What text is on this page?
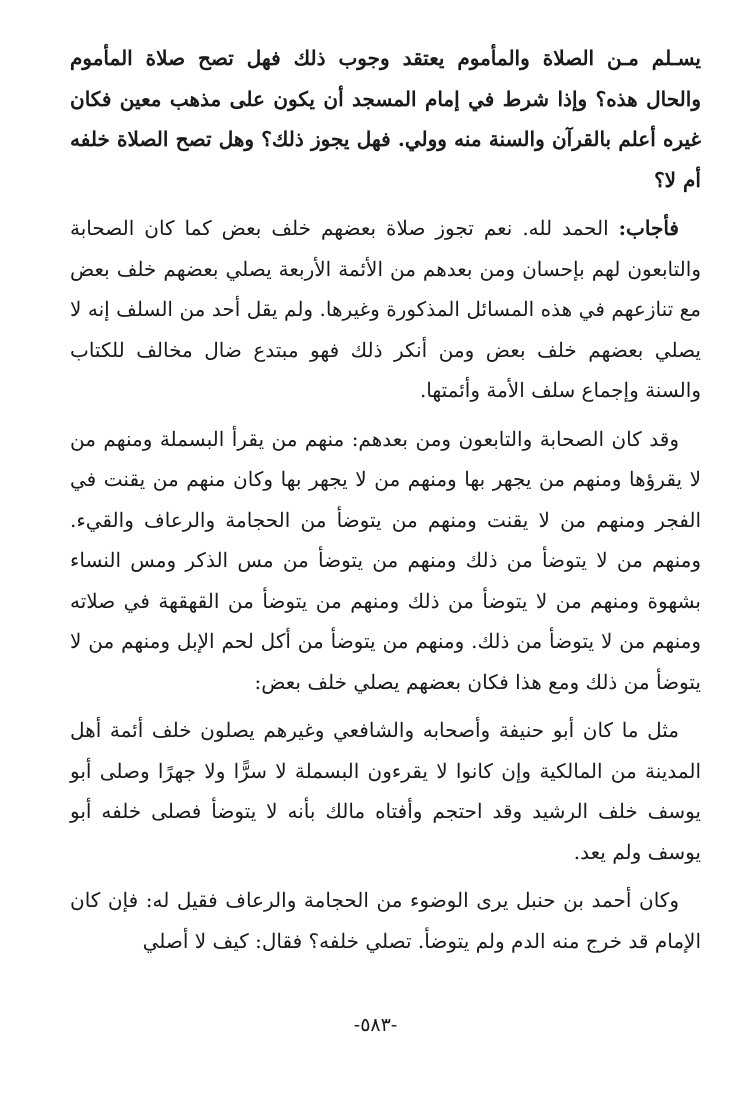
يسـلم مـن الصلاة والمأموم يعتقد وجوب ذلك فهل تصح صلاة المأموم والحال هذه؟ وإذا شرط في إمام المسجد أن يكون على مذهب معين فكان غيره أعلم بالقرآن والسنة منه وولي. فهل يجوز ذلك؟ وهل تصح الصلاة خلفه أم لا؟

فأجاب: الحمد لله. نعم تجوز صلاة بعضهم خلف بعض كما كان الصحابة والتابعون لهم بإحسان ومن بعدهم من الأئمة الأربعة يصلي بعضهم خلف بعض مع تنازعهم في هذه المسائل المذكورة وغيرها. ولم يقل أحد من السلف إنه لا يصلي بعضهم خلف بعض ومن أنكر ذلك فهو مبتدع ضال مخالف للكتاب والسنة وإجماع سلف الأمة وأئمتها.

وقد كان الصحابة والتابعون ومن بعدهم: منهم من يقرأ البسملة ومنهم من لا يقرؤها ومنهم من يجهر بها ومنهم من لا يجهر بها وكان منهم من يقنت في الفجر ومنهم من لا يقنت ومنهم من يتوضأ من الحجامة والرعاف والقيء. ومنهم من لا يتوضأ من ذلك ومنهم من يتوضأ من مس الذكر ومس النساء بشهوة ومنهم من لا يتوضأ من ذلك ومنهم من يتوضأ من القهقهة في صلاته ومنهم من لا يتوضأ من ذلك. ومنهم من يتوضأ من أكل لحم الإبل ومنهم من لا يتوضأ من ذلك ومع هذا فكان بعضهم يصلي خلف بعض:

مثل ما كان أبو حنيفة وأصحابه والشافعي وغيرهم يصلون خلف أئمة أهل المدينة من المالكية وإن كانوا لا يقرءون البسملة لا سرًّا ولا جهرًا وصلى أبو يوسف خلف الرشيد وقد احتجم وأفتاه مالك بأنه لا يتوضأ فصلى خلفه أبو يوسف ولم يعد.

وكان أحمد بن حنبل يرى الوضوء من الحجامة والرعاف فقيل له: فإن كان الإمام قد خرج منه الدم ولم يتوضأ. تصلي خلفه؟ فقال: كيف لا أصلي

-٥٨٣-
